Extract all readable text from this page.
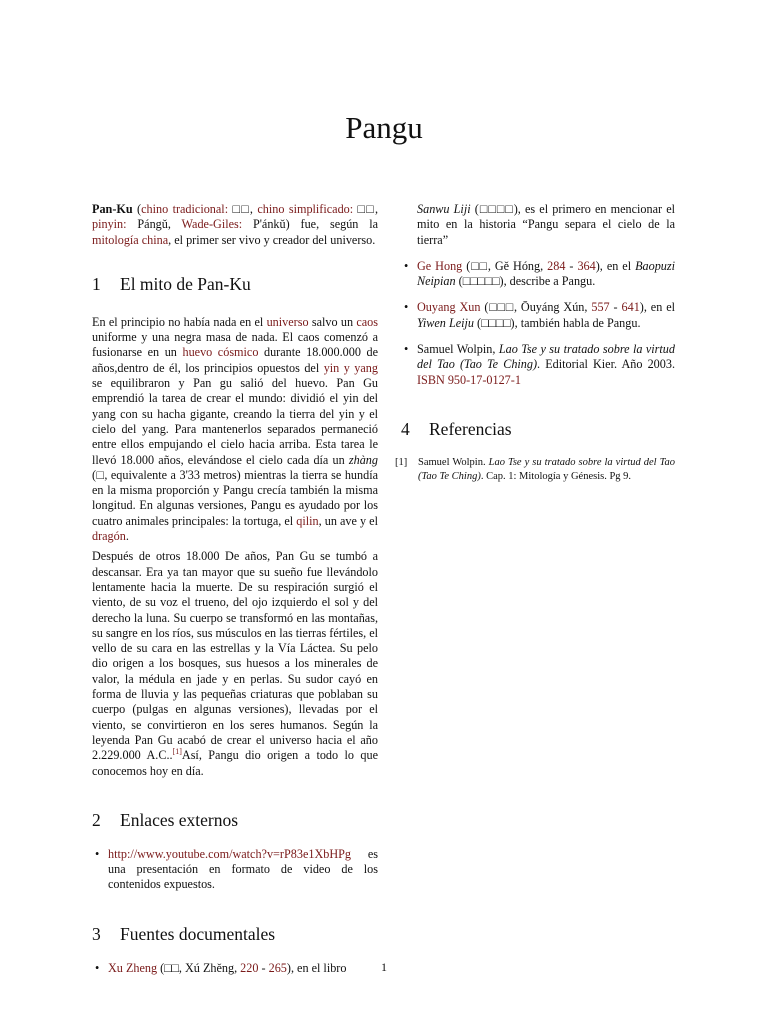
Pangu

Pan-Ku (chino tradicional: □□, chino simplificado: □□, pinyin: Pángǔ, Wade-Giles: P'ánkǔ) fue, según la mitología china, el primer ser vivo y creador del universo.

1 El mito de Pan-Ku

En el principio no había nada en el universo salvo un caos uniforme y una negra masa de nada. El caos comenzó a fusionarse en un huevo cósmico durante 18.000.000 de años,dentro de él, los principios opuestos del yin y yang se equilibraron y Pan gu salió del huevo. Pan Gu emprendió la tarea de crear el mundo: dividió el yin del yang con su hacha gigante, creando la tierra del yin y el cielo del yang. Para mantenerlos separados permaneció entre ellos empujando el cielo hacia arriba. Esta tarea le llevó 18.000 años, elevándose el cielo cada día un zhàng (□, equivalente a 3'33 metros) mientras la tierra se hundía en la misma proporción y Pangu crecía también la misma longitud. En algunas versiones, Pangu es ayudado por los cuatro animales principales: la tortuga, el qilin, un ave y el dragón.

Después de otros 18.000 De años, Pan Gu se tumbó a descansar. Era ya tan mayor que su sueño fue llevándolo lentamente hacia la muerte. De su respiración surgió el viento, de su voz el trueno, del ojo izquierdo el sol y del derecho la luna. Su cuerpo se transformó en las montañas, su sangre en los ríos, sus músculos en las tierras fértiles, el vello de su cara en las estrellas y la Vía Láctea. Su pelo dio origen a los bosques, sus huesos a los minerales de valor, la médula en jade y en perlas. Su sudor cayó en forma de lluvia y las pequeñas criaturas que poblaban su cuerpo (pulgas en algunas versiones), llevadas por el viento, se convirtieron en los seres humanos. Según la leyenda Pan Gu acabó de crear el universo hacia el año 2.229.000 A.C..[1]Así, Pangu dio origen a todo lo que conocemos hoy en día.

2 Enlaces externos
• http://www.youtube.com/watch?v=rP83e1XbHPg es una presentación en formato de video de los contenidos expuestos.
3 Fuentes documentales
• Xu Zheng (□□, Xú Zhěng, 220 - 265), en el libro

Sanwu Liji (□□□□), es el primero en mencionar el mito en la historia “Pangu separa el cielo de la tierra”

• Ge Hong (□□, Gě Hóng, 284 - 364), en el Baopuzi Neipian (□□□□□), describe a Pangu.
• Ouyang Xun (□□□, Ōuyáng Xún, 557 - 641), en el Yiwen Leiju (□□□□), también habla de Pangu.
• Samuel Wolpin, Lao Tse y su tratado sobre la virtud del Tao (Tao Te Ching). Editorial Kier. Año 2003. ISBN 950-17-0127-1
4 Referencias
[1] Samuel Wolpin. Lao Tse y su tratado sobre la virtud del Tao (Tao Te Ching). Cap. 1: Mitología y Génesis. Pg 9.
1
